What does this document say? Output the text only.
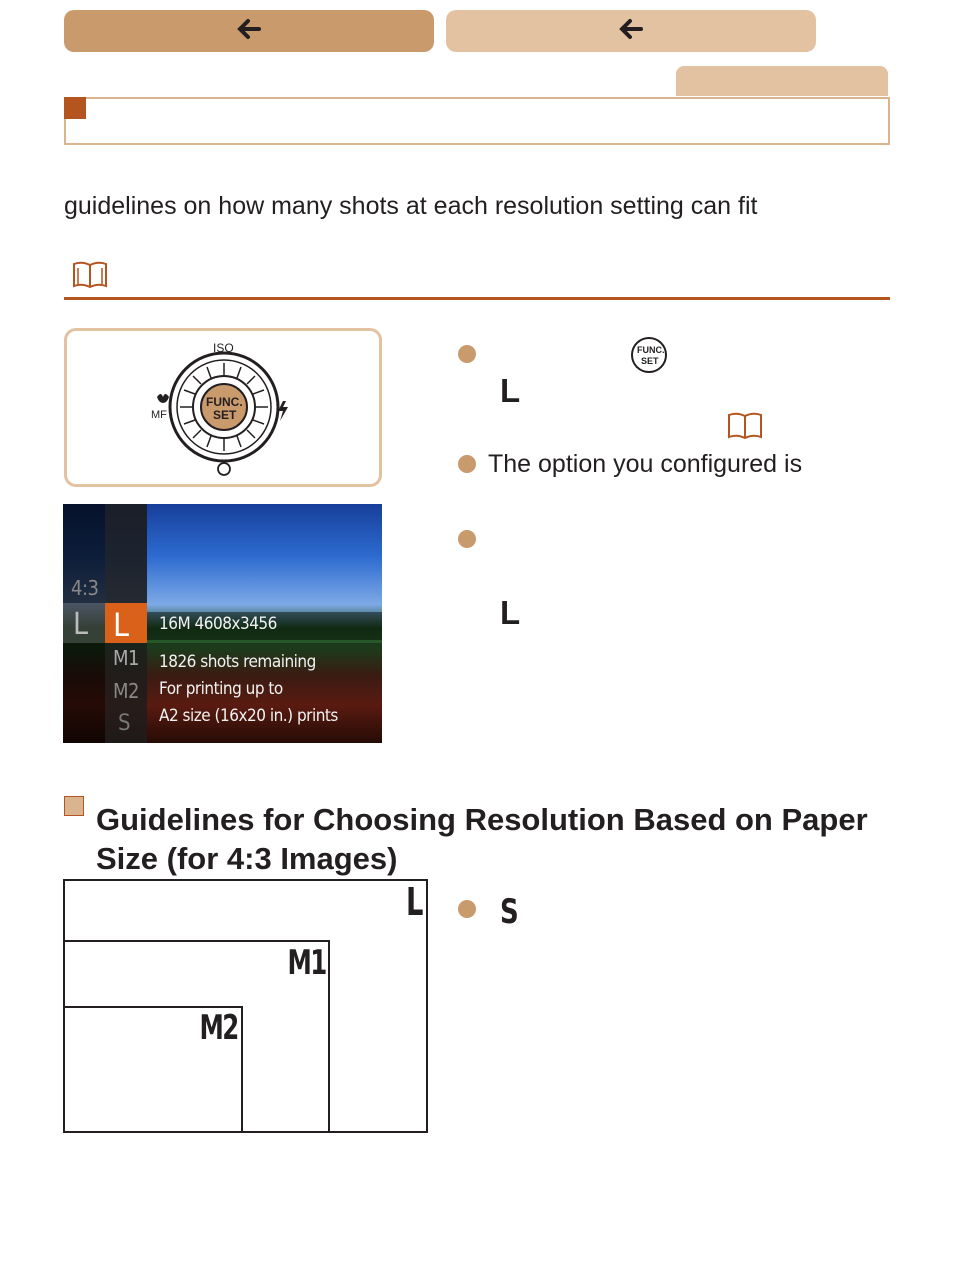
guidelines on how many shots at each resolution setting can fit
ISO
MF
FUNC.
SET
4:3
L L
M1
M2
S
16M 4608x3456
1826 shots remaining
For printing up to
A2 size (16x20 in.) prints
FUNC.
SET
L
The option you configured is
L
Guidelines for Choosing Resolution Based on Paper Size (for 4:3 Images)
L
M1
M2
S
